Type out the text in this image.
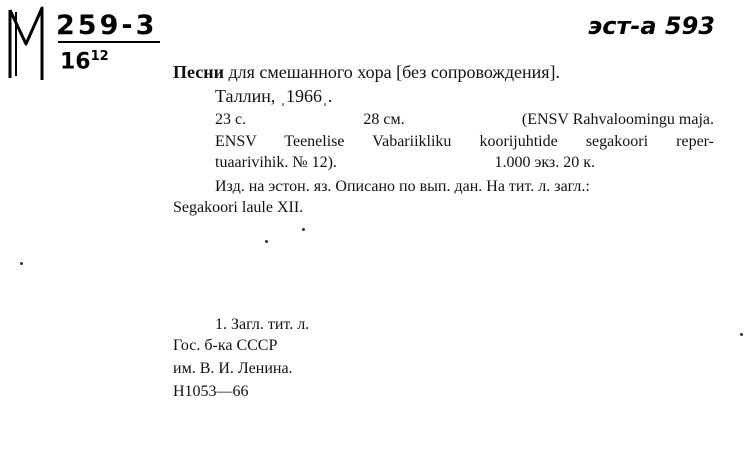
259-3
$16^{12}$
эст-а 593
Песни для смешанного хора [без сопровождения].
Таллин, ˌ1966ˌ.
23 с.	28 см.	(ENSV Rahvaloomingu maja.
ENSV Teenelise Vabariikliku koorijuhtide segakoori reper-
tuaarivihik. № 12).	1.000 экз. 20 к.
Изд. на эстон. яз. Описано по вып. дан. На тит. л. загл.:
Segakoori laule XII.
1. Загл. тит. л.
Гос. б-ка СССР
им. В. И. Ленина.
Н1053—66
